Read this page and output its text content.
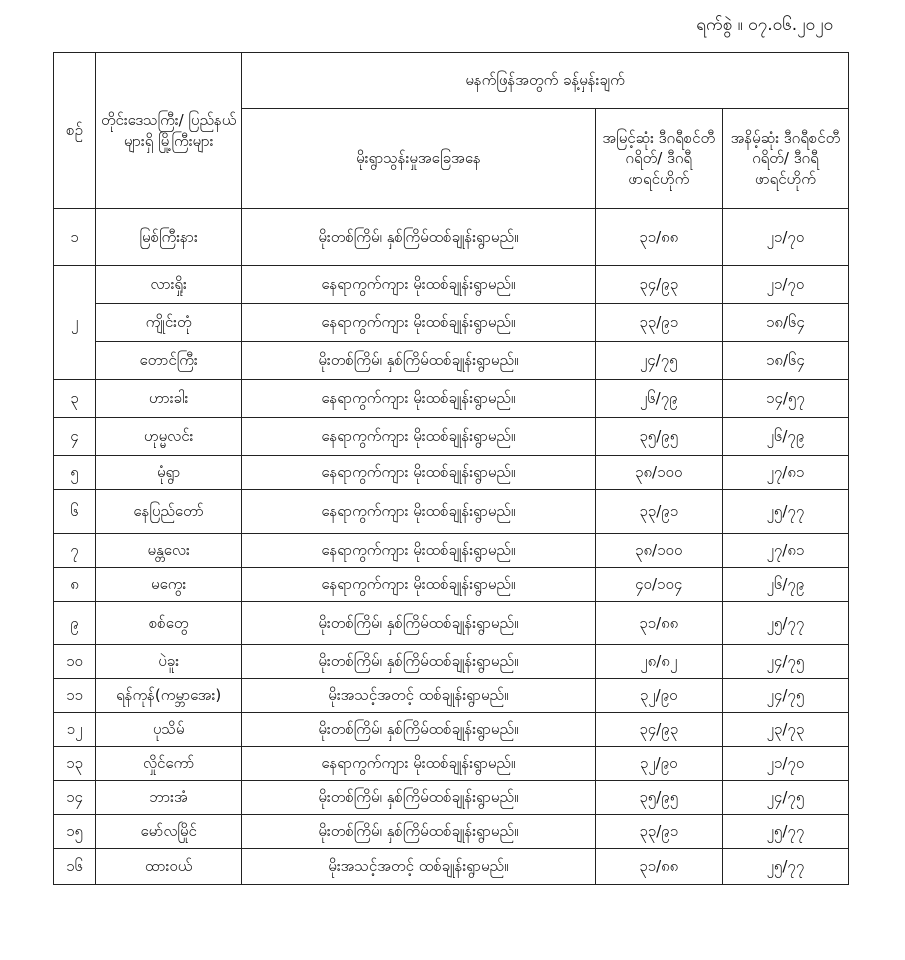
ရက်စွဲ ။ ၀၇.၀၆.၂၀၂၀
စဉ်	တိုင်းဒေသကြီး/ ပြည်နယ်များရှိ မြို့ကြီးများ	မနက်ဖြန်အတွက် ခန့်မှန်းချက်		
		မိုးရွာသွန်းမှုအခြေအနေ	အမြင့်ဆုံး ဒီဂရီစင်တီဂရိတ်/ ဒီဂရီဖာရင်ဟိုက်	အနိမ့်ဆုံး ဒီဂရီစင်တီဂရိတ်/ ဒီဂရီဖာရင်ဟိုက်
၁	မြစ်ကြီးနား	မိုးတစ်ကြိမ်၊ နှစ်ကြိမ်ထစ်ချုန်းရွာမည်။	၃၁/၈၈	၂၁/၇၀
၂	လားရှိုး	နေရာကွက်ကျား မိုးထစ်ချုန်းရွာမည်။	၃၄/၉၃	၂၁/၇၀
	ကျိုင်းတုံ	နေရာကွက်ကျား မိုးထစ်ချုန်းရွာမည်။	၃၃/၉၁	၁၈/၆၄
	တောင်ကြီး	မိုးတစ်ကြိမ်၊ နှစ်ကြိမ်ထစ်ချုန်းရွာမည်။	၂၄/၇၅	၁၈/၆၄
၃	ဟားခါး	နေရာကွက်ကျား မိုးထစ်ချုန်းရွာမည်။	၂၆/၇၉	၁၄/၅၇
၄	ဟုမ္မလင်း	နေရာကွက်ကျား မိုးထစ်ချုန်းရွာမည်။	၃၅/၉၅	၂၆/၇၉
၅	မုံရွာ	နေရာကွက်ကျား မိုးထစ်ချုန်းရွာမည်။	၃၈/၁၀၀	၂၇/၈၁
၆	နေပြည်တော်	နေရာကွက်ကျား မိုးထစ်ချုန်းရွာမည်။	၃၃/၉၁	၂၅/၇၇
၇	မန္တလေး	နေရာကွက်ကျား မိုးထစ်ချုန်းရွာမည်။	၃၈/၁၀၀	၂၇/၈၁
၈	မကွေး	နေရာကွက်ကျား မိုးထစ်ချုန်းရွာမည်။	၄၀/၁၀၄	၂၆/၇၉
၉	စစ်တွေ	မိုးတစ်ကြိမ်၊ နှစ်ကြိမ်ထစ်ချုန်းရွာမည်။	၃၁/၈၈	၂၅/၇၇
၁၀	ပဲခူး	မိုးတစ်ကြိမ်၊ နှစ်ကြိမ်ထစ်ချုန်းရွာမည်။	၂၈/၈၂	၂၄/၇၅
၁၁	ရန်ကုန်(ကမ္ဘာအေး)	မိုးအသင့်အတင့် ထစ်ချုန်းရွာမည်။	၃၂/၉၀	၂၄/၇၅
၁၂	ပုသိမ်	မိုးတစ်ကြိမ်၊ နှစ်ကြိမ်ထစ်ချုန်းရွာမည်။	၃၄/၉၃	၂၃/၇၃
၁၃	လှိုင်ကော်	နေရာကွက်ကျား မိုးထစ်ချုန်းရွာမည်။	၃၂/၉၀	၂၁/၇၀
၁၄	ဘားအံ	မိုးတစ်ကြိမ်၊ နှစ်ကြိမ်ထစ်ချုန်းရွာမည်။	၃၅/၉၅	၂၄/၇၅
၁၅	မော်လမြိုင်	မိုးတစ်ကြိမ်၊ နှစ်ကြိမ်ထစ်ချုန်းရွာမည်။	၃၃/၉၁	၂၅/၇၇
၁၆	ထားဝယ်	မိုးအသင့်အတင့် ထစ်ချုန်းရွာမည်။	၃၁/၈၈	၂၅/၇၇
